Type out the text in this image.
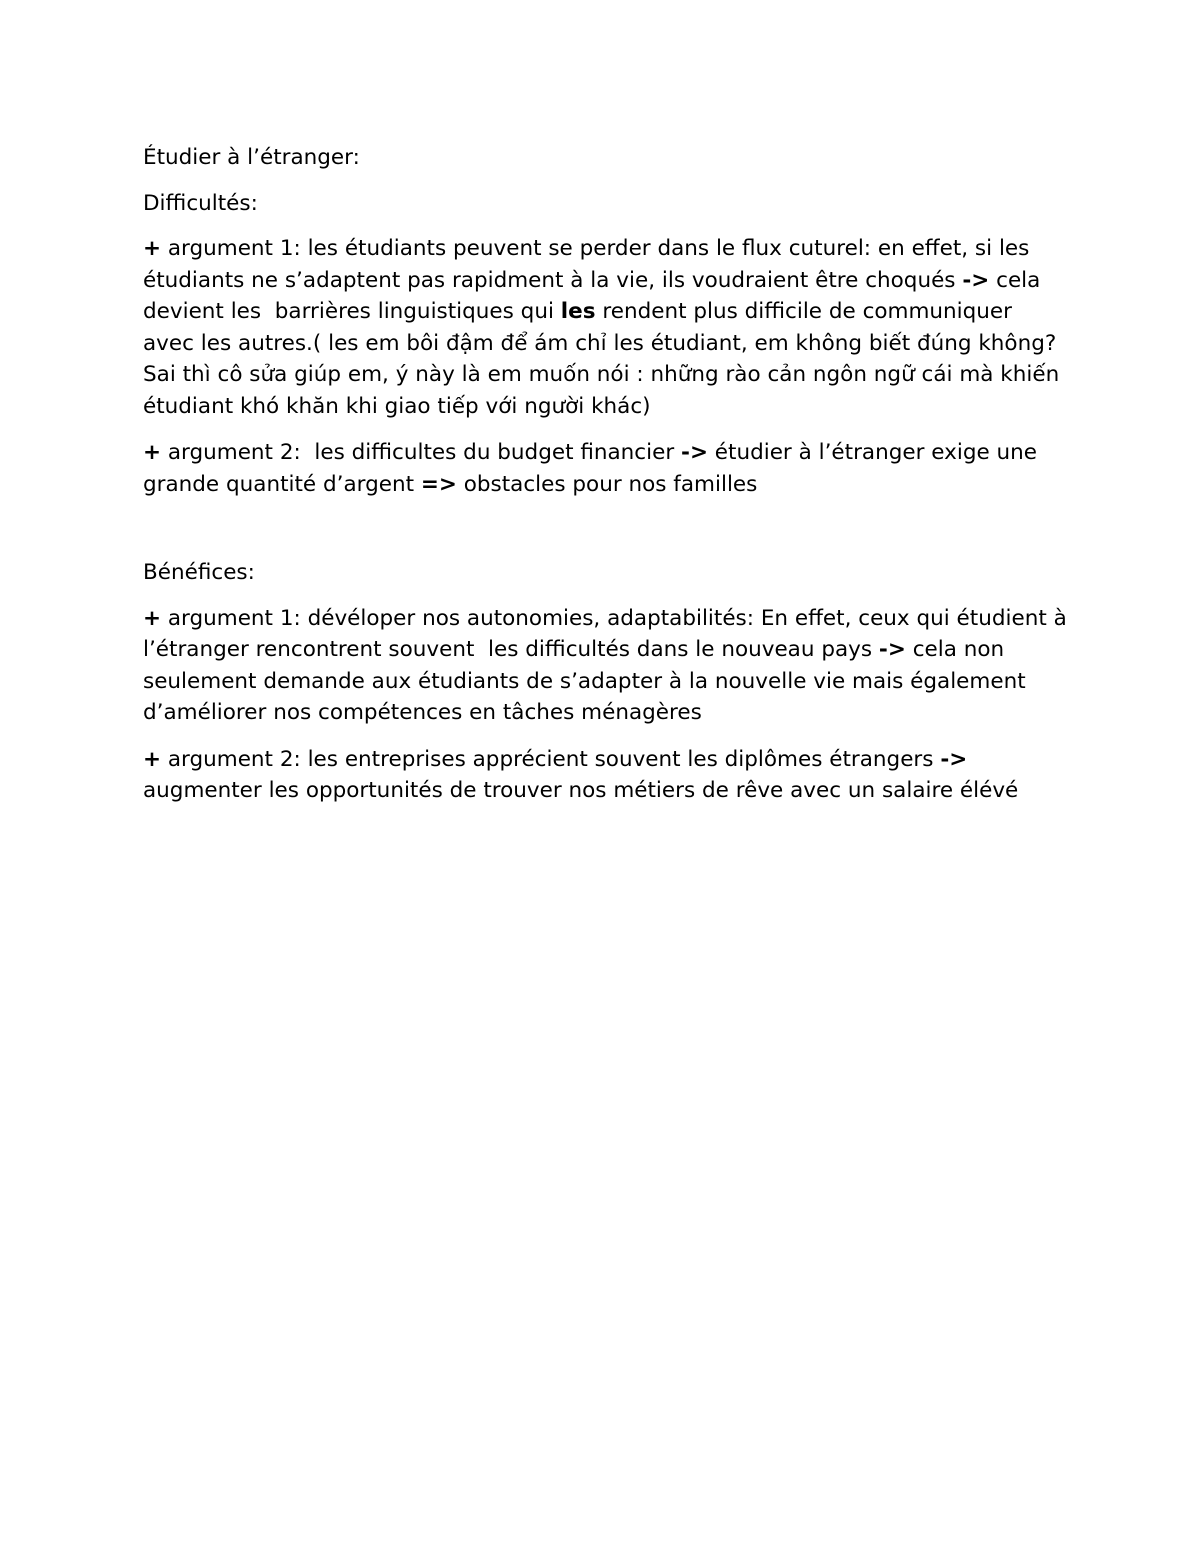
Étudier à l’étranger:

Difficultés:

+ argument 1: les étudiants peuvent se perder dans le flux cuturel: en effet, si les étudiants ne s’adaptent pas rapidment à la vie, ils voudraient être choqués -> cela devient les  barrières linguistiques qui les rendent plus difficile de communiquer avec les autres.( les em bôi đậm để ám chỉ les étudiant, em không biết đúng không? Sai thì cô sửa giúp em, ý này là em muốn nói : những rào cản ngôn ngữ cái mà khiến étudiant khó khăn khi giao tiếp với người khác)

+ argument 2:  les difficultes du budget financier -> étudier à l’étranger exige une grande quantité d’argent => obstacles pour nos familles

Bénéfices:

+ argument 1: dévéloper nos autonomies, adaptabilités: En effet, ceux qui étudient à l’étranger rencontrent souvent  les difficultés dans le nouveau pays -> cela non seulement demande aux étudiants de s’adapter à la nouvelle vie mais également d’améliorer nos compétences en tâches ménagères

+ argument 2: les entreprises apprécient souvent les diplômes étrangers -> augmenter les opportunités de trouver nos métiers de rêve avec un salaire élévé
